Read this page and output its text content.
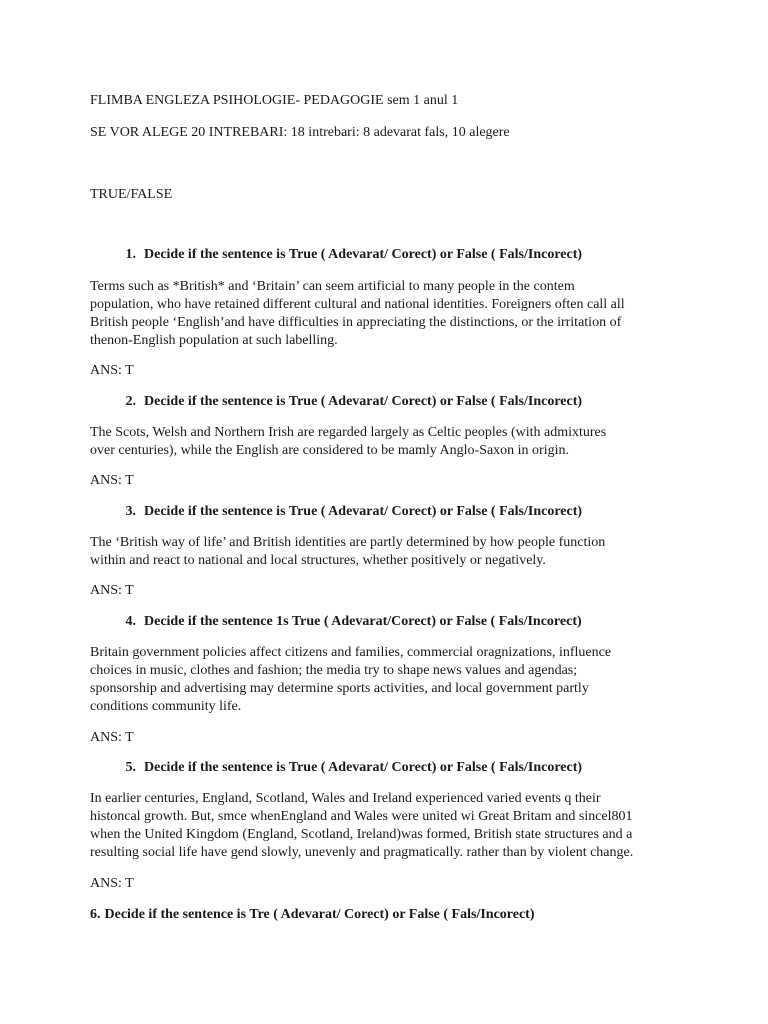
FLIMBA ENGLEZA PSIHOLOGIE- PEDAGOGIE sem 1 anul 1
SE VOR ALEGE 20 INTREBARI: 18 intrebari: 8 adevarat fals, 10 alegere
TRUE/FALSE
1. Decide if the sentence is True ( Adevarat/ Corect) or False ( Fals/Incorect)
Terms such as *British* and ‘Britain’ can seem artificial to many people in the contem
population, who have retained different cultural and national identities. Foreigners often call all
British people ‘English’and have difficulties in appreciating the distinctions, or the irritation of
thenon-English population at such labelling.
ANS: T
2. Decide if the sentence is True ( Adevarat/ Corect) or False ( Fals/Incorect)
The Scots, Welsh and Northern Irish are regarded largely as Celtic peoples (with admixtures
over centuries), while the English are considered to be mamly Anglo-Saxon in origin.
ANS: T
3. Decide if the sentence is True ( Adevarat/ Corect) or False ( Fals/Incorect)
The ‘British way of life’ and British identities are partly determined by how people function
within and react to national and local structures, whether positively or negatively.
ANS: T
4. Decide if the sentence 1s True ( Adevarat/Corect) or False ( Fals/Incorect)
Britain government policies affect citizens and families, commercial oragnizations, influence
choices in music, clothes and fashion; the media try to shape news values and agendas;
sponsorship and advertising may determine sports activities, and local government partly
conditions community life.
ANS: T
5. Decide if the sentence is True ( Adevarat/ Corect) or False ( Fals/Incorect)
In earlier centuries, England, Scotland, Wales and Ireland experienced varied events q their
histoncal growth. But, smce whenEngland and Wales were united wi Great Britam and sincel801
when the United Kingdom (England, Scotland, Ireland)was formed, British state structures and a
resulting social life have gend slowly, unevenly and pragmatically. rather than by violent change.
ANS: T
6. Decide if the sentence is Tre ( Adevarat/ Corect) or False ( Fals/Incorect)
